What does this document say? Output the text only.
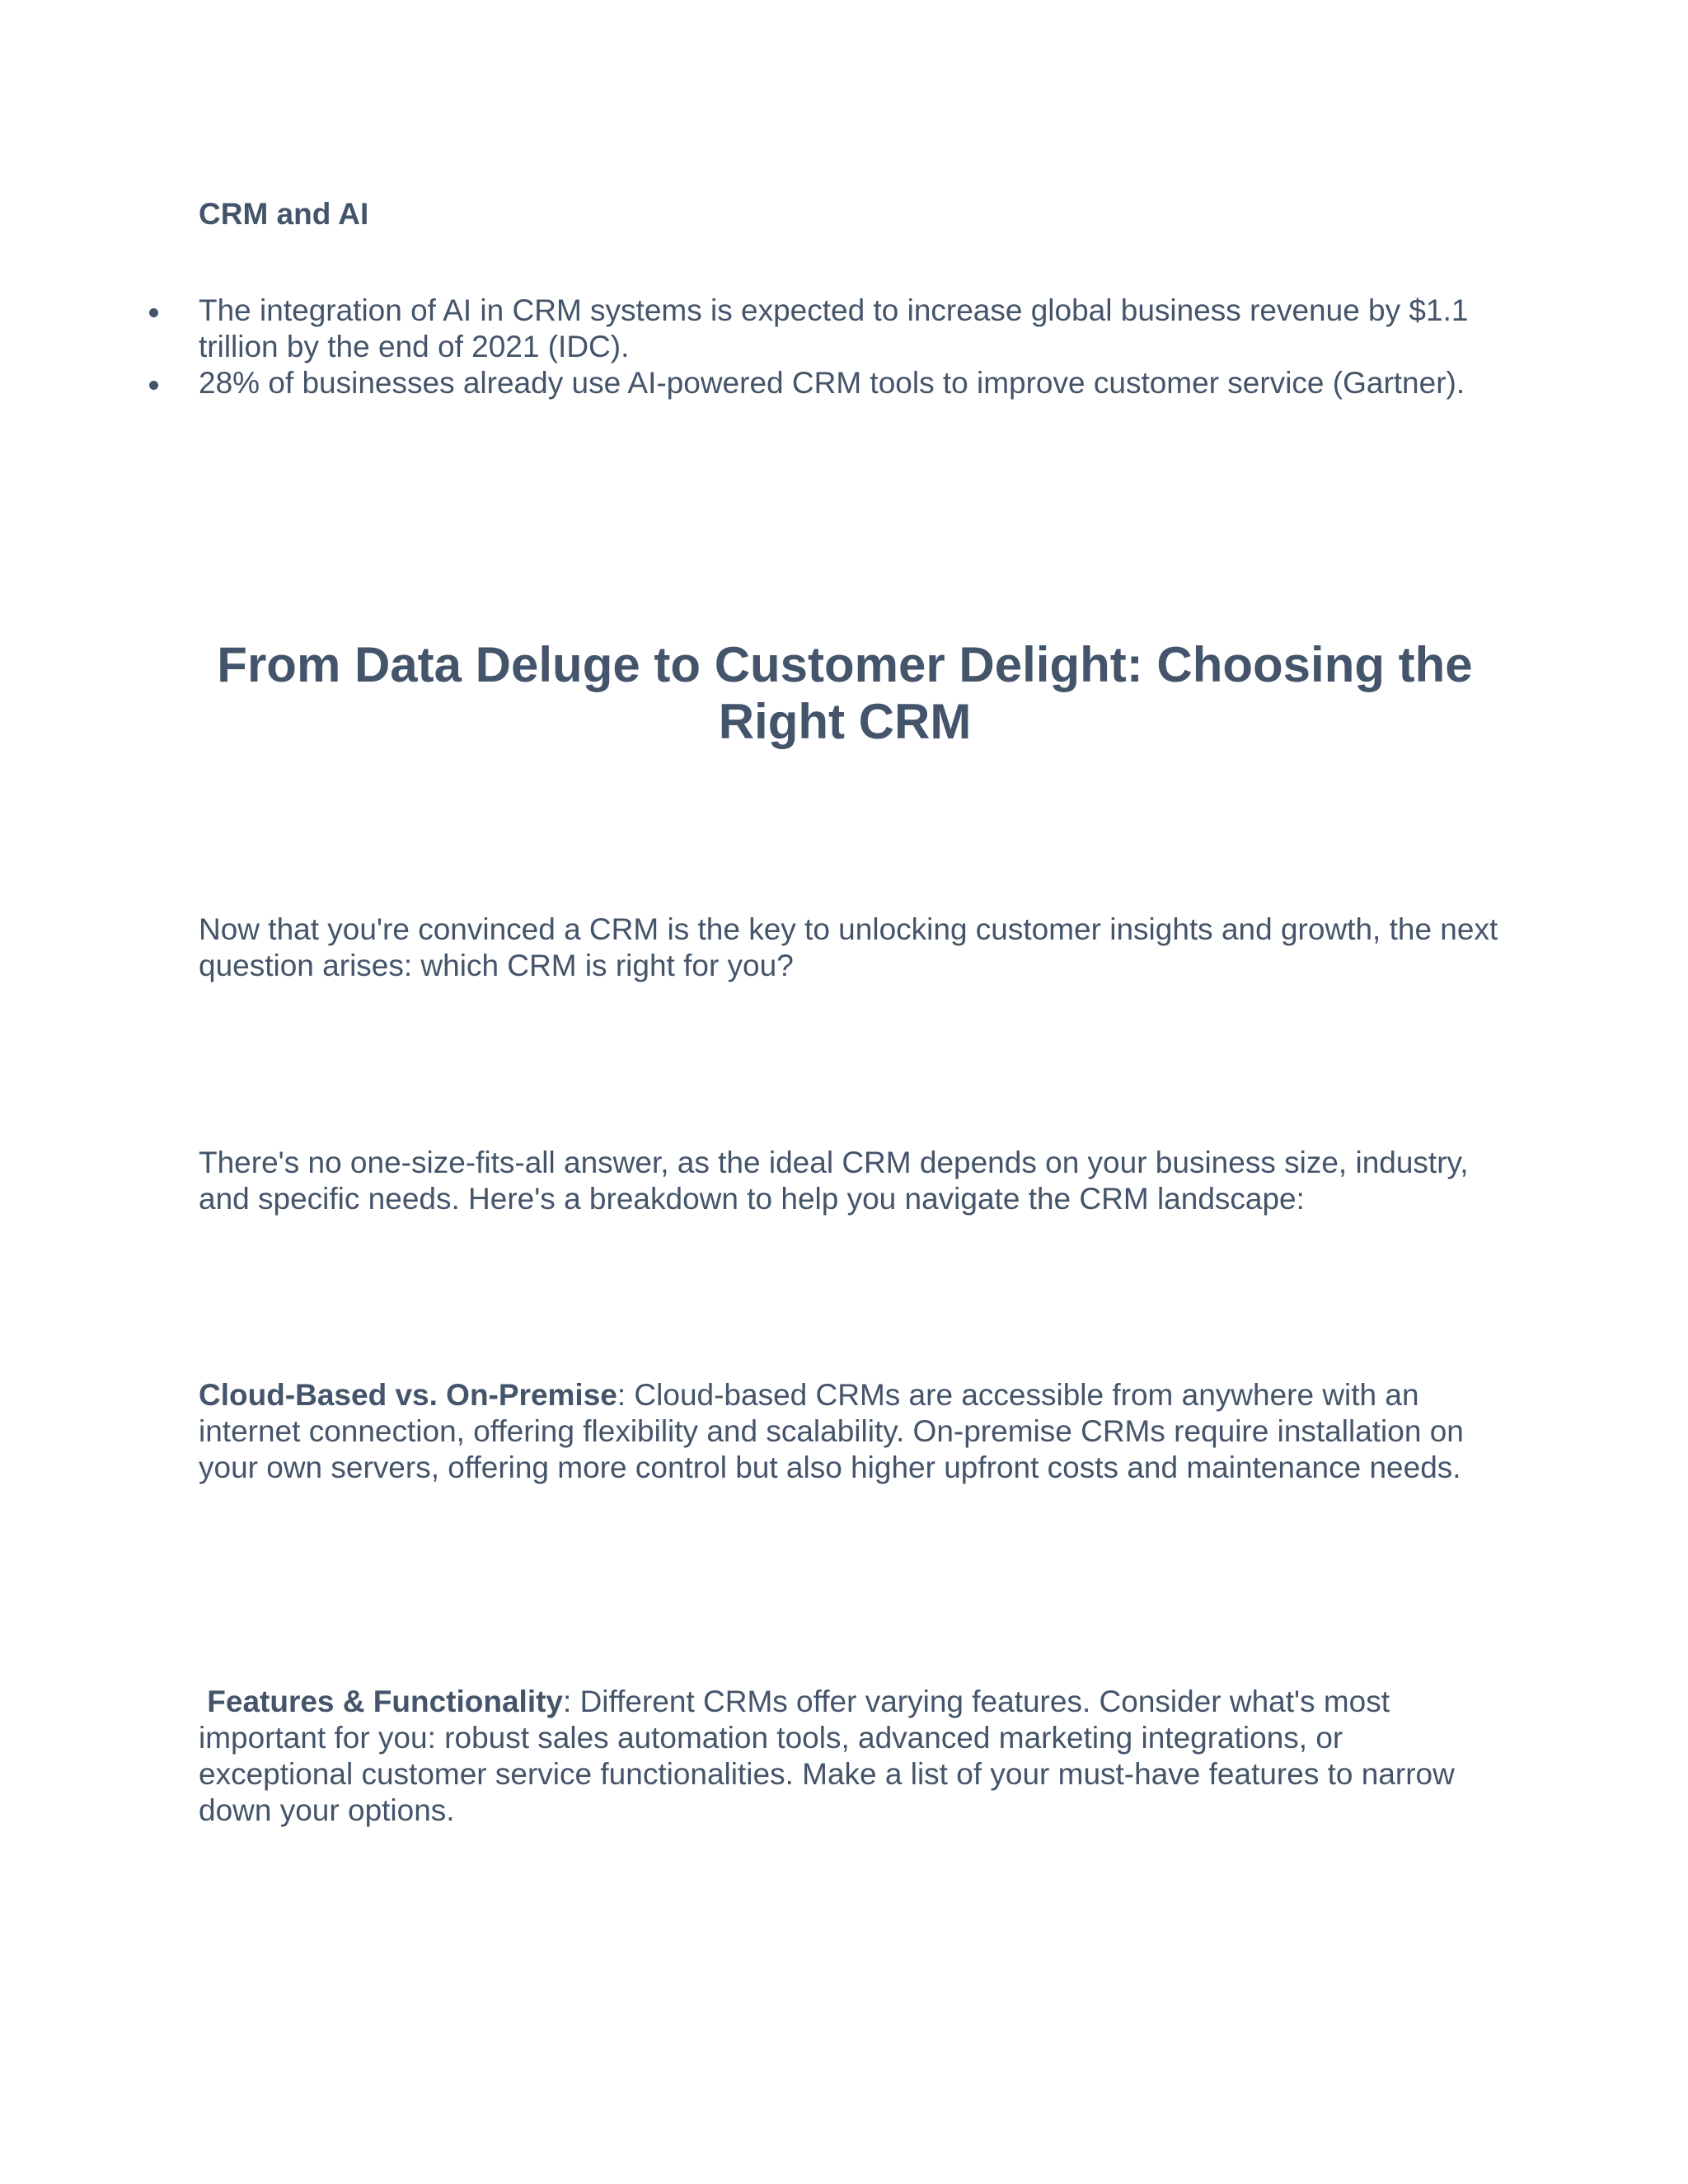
CRM and AI
The integration of AI in CRM systems is expected to increase global business revenue by $1.1 trillion by the end of 2021 (IDC).
28% of businesses already use AI-powered CRM tools to improve customer service (Gartner).
From Data Deluge to Customer Delight: Choosing the Right CRM
Now that you're convinced a CRM is the key to unlocking customer insights and growth, the next question arises: which CRM is right for you?
There's no one-size-fits-all answer, as the ideal CRM depends on your business size, industry, and specific needs. Here's a breakdown to help you navigate the CRM landscape:
Cloud-Based vs. On-Premise: Cloud-based CRMs are accessible from anywhere with an internet connection, offering flexibility and scalability. On-premise CRMs require installation on your own servers, offering more control but also higher upfront costs and maintenance needs.
Features & Functionality: Different CRMs offer varying features. Consider what's most important for you: robust sales automation tools, advanced marketing integrations, or exceptional customer service functionalities. Make a list of your must-have features to narrow down your options.
